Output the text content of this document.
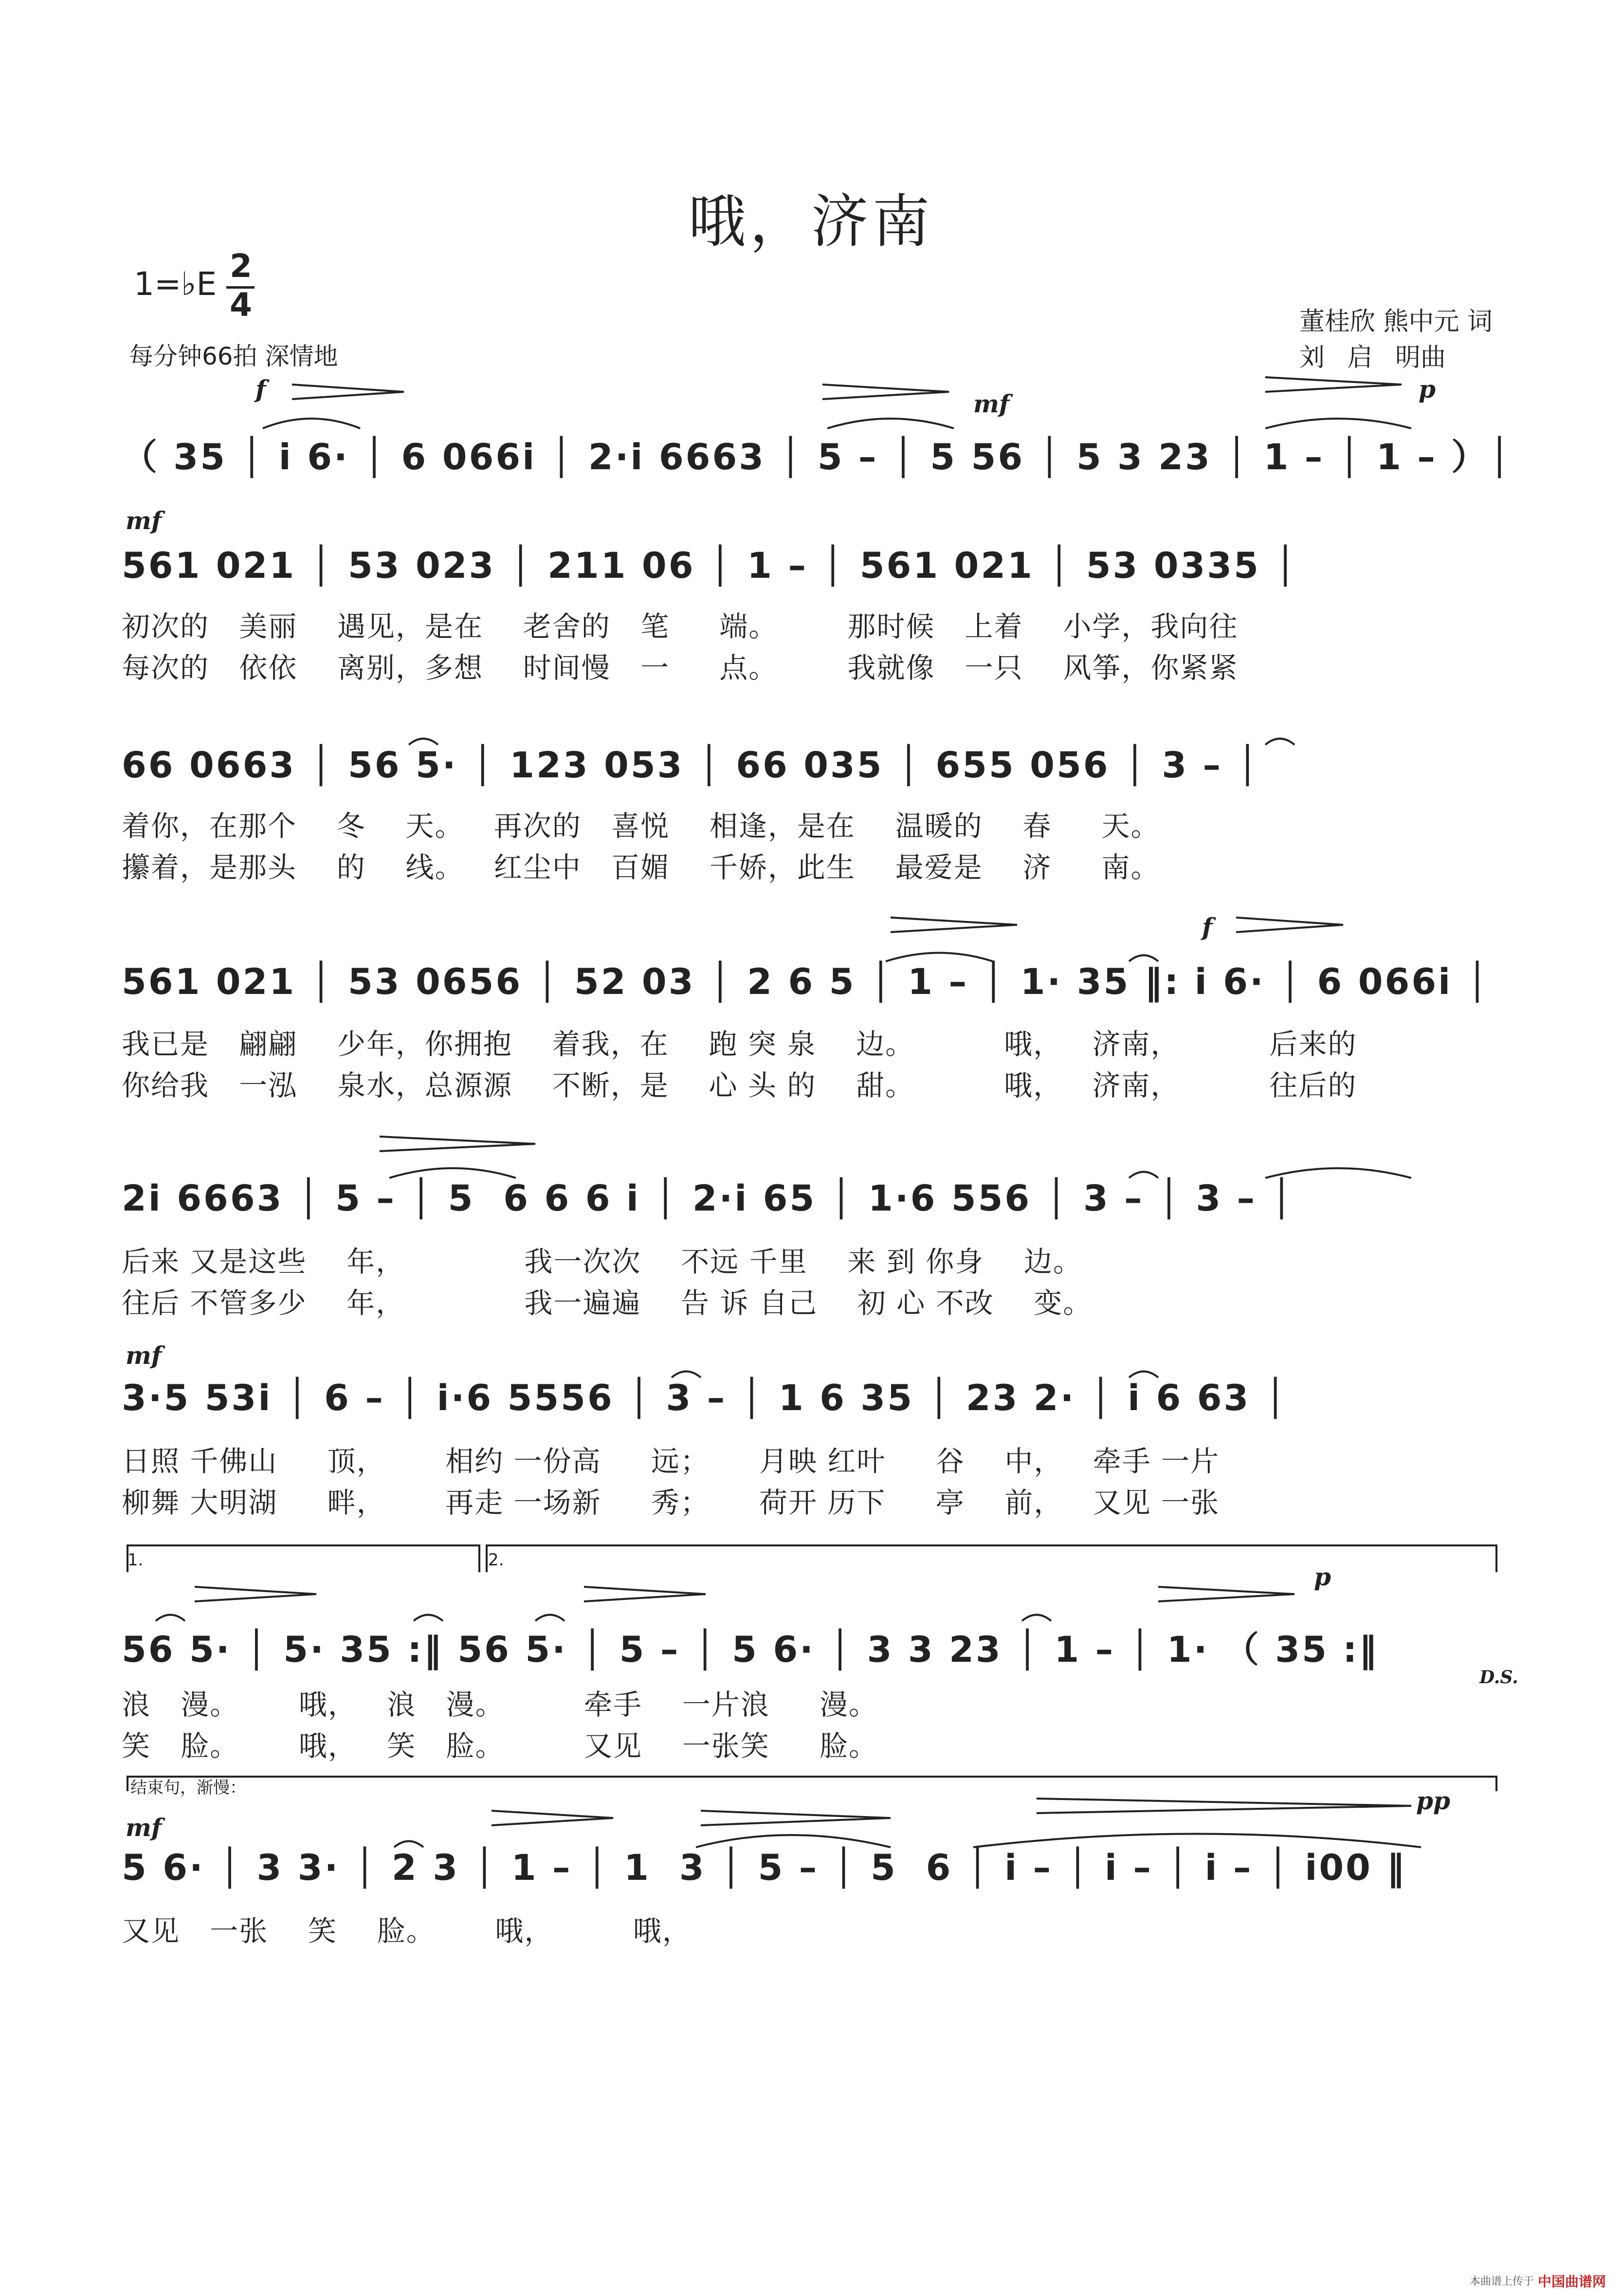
哦，济南
1=♭E 2
4
每分钟66拍 深情地
董桂欣 熊中元 词
刘 启 明曲
（ 35 │ i 6· │ 6 066i │ 2·i 6663 │ 5 – │ 5 56 │ 5 3 23 │ 1 – │ 1 – ）│
561 021 │ 53 023 │ 211 06 │ 1 – │ 561 021 │ 53 0335 │
初次的   美丽    遇见，是在    老舍的   笔     端。       那时候   上着    小学，我向往
每次的   依依    离别，多想    时间慢   一     点。       我就像   一只    风筝，你紧紧
66 0663 │ 56 5· │ 123 053 │ 66 035 │ 655 056 │ 3 – │
着你，在那个    冬    天。   再次的   喜悦    相逢，是在    温暖的    春     天。
攥着，是那头    的    线。   红尘中   百媚    千娇，此生    最爱是    济     南。
561 021 │ 53 0656 │ 52 03 │ 2 6 5 │ 1 – │ 1· 35 ‖: i 6· │ 6 066i │
我已是   翩翩    少年，你拥抱    着我，在    跑 突 泉    边。         哦，   济南，         后来的
你给我   一泓    泉水，总源源    不断，是    心 头 的    甜。         哦，   济南，         往后的
2i 6663 │ 5 – │ 5  6 6 6 i │ 2·i 65 │ 1·6 556 │ 3 – │ 3 – │
后来 又是这些    年，            我一次次    不远 千里    来 到 你身    边。
往后 不管多少    年，            我一遍遍    告 诉 自己    初 心 不改    变。
3·5 53i │ 6 – │ i·6 5556 │ 3 – │ 1 6 35 │ 23 2· │ i 6 63 │
日照 千佛山     顶，      相约 一份高     远；     月映 红叶     谷    中，   牵手 一片
柳舞 大明湖     畔，      再走 一场新     秀；     荷开 历下     亭    前，   又见 一张
1.	2.
56 5· │ 5· 35 :‖ 56 5· │ 5 – │ 5 6· │ 3 3 23 │ 1 – │ 1· （ 35 :‖
D.S.
浪   漫。      哦，   浪   漫。        牵手    一片浪     漫。
笑   脸。      哦，   笑   脸。        又见    一张笑     脸。
结束句，渐慢：
5 6· │ 3 3· │ 2 3 │ 1 – │ 1  3 │ 5 – │ 5  6 │ i – │ i – │ i – │ i00 ‖
又见   一张    笑    脸。      哦，        哦，
f
mf
p
mf
f
mf
p
mf
pp
本曲谱上传于 中国曲谱网
